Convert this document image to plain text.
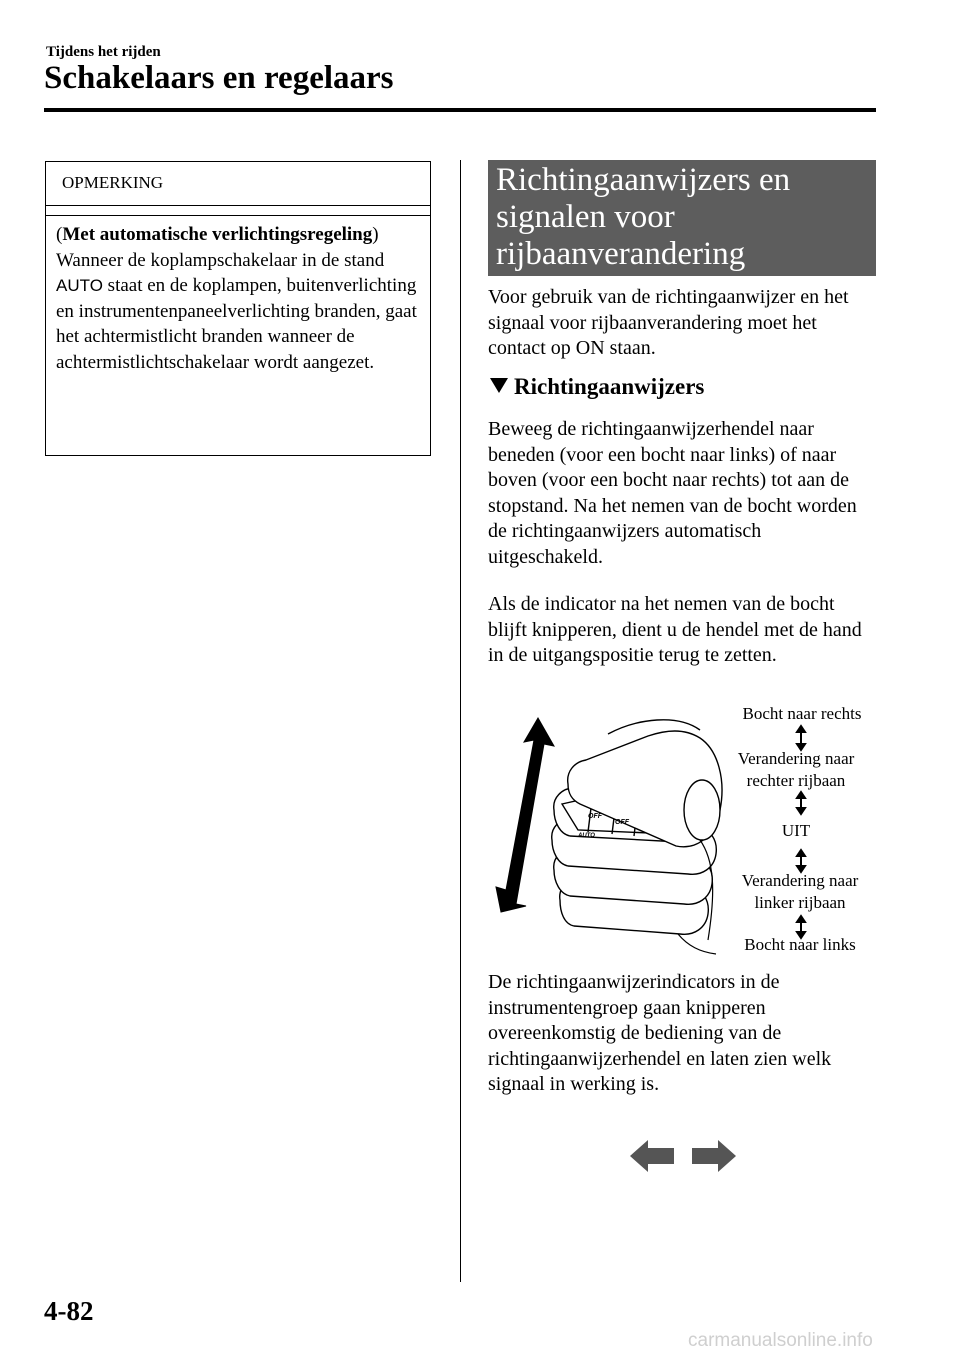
Tijdens het rijden
Schakelaars en regelaars
OPMERKING
(Met automatische verlichtingsregeling)
Wanneer de koplampschakelaar in de stand AUTO staat en de koplampen, buitenverlichting en instrumentenpaneelverlichting branden, gaat het achtermistlicht branden wanneer de achtermistlichtschakelaar wordt aangezet.
Richtingaanwijzers en signalen voor rijbaanverandering
Voor gebruik van de richtingaanwijzer en het signaal voor rijbaanverandering moet het contact op ON staan.
Richtingaanwijzers
Beweeg de richtingaanwijzerhendel naar beneden (voor een bocht naar links) of naar boven (voor een bocht naar rechts) tot aan de stopstand. Na het nemen van de bocht worden de richtingaanwijzers automatisch uitgeschakeld.
Als de indicator na het nemen van de bocht blijft knipperen, dient u de hendel met de hand in de uitgangspositie terug te zetten.
OFF
OFF
AUTO
Bocht naar rechts
Verandering naar
rechter rijbaan
UIT
Verandering naar
linker rijbaan
Bocht naar links
De richtingaanwijzerindicators in de instrumentengroep gaan knipperen overeenkomstig de bediening van de richtingaanwijzerhendel en laten zien welk signaal in werking is.
4-82
carmanualsonline.info
